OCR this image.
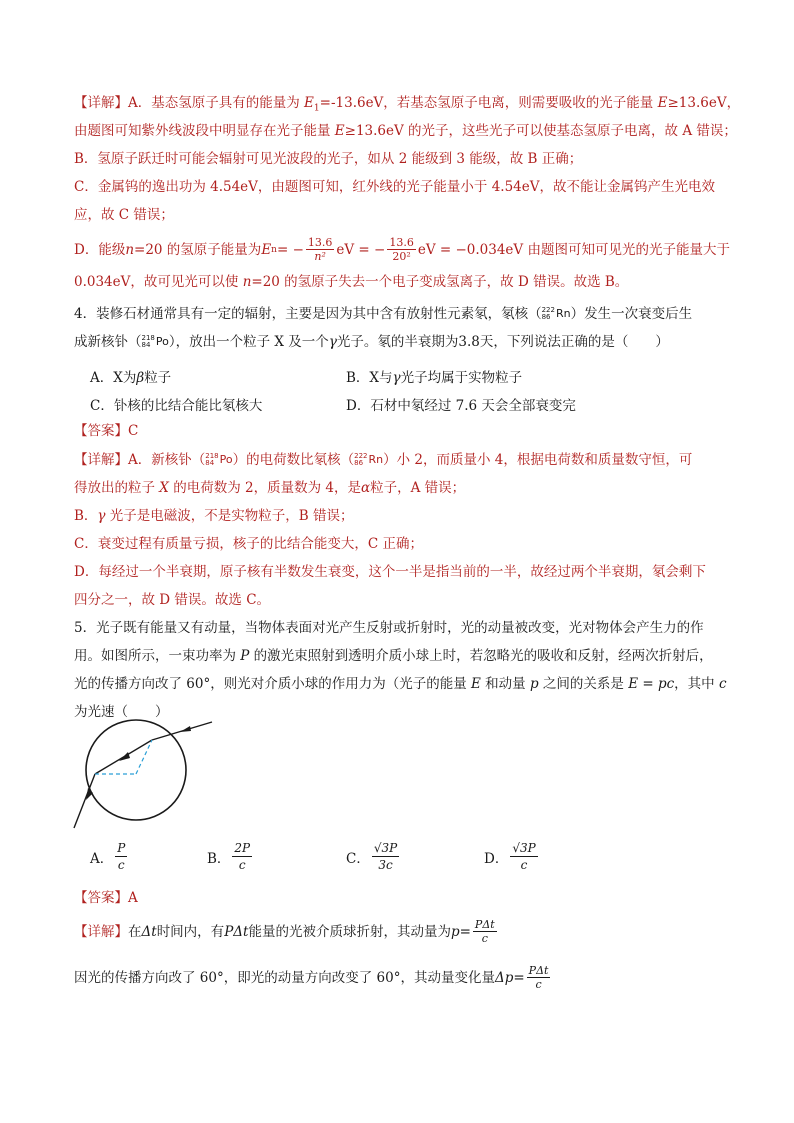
【详解】A．基态氢原子具有的能量为 $E_1=-13.6eV$，若基态氢原子电离，则需要吸收的光子能量 E≥13.6eV，
由题图可知紫外线波段中明显存在光子能量 E≥13.6eV 的光子，这些光子可以使基态氢原子电离，故 A 错误；
B．氢原子跃迁时可能会辐射可见光波段的光子，如从 2 能级到 3 能级，故 B 正确；
C．金属钨的逸出功为 4.54eV，由题图可知，红外线的光子能量小于 4.54eV，故不能让金属钨产生光电效
应，故 C 错误；
D．能级 n =20 的氢原子能量为 E n = − $\frac{13.6}{\text{n²}}$ eV = − $\frac{13.6}{\text{20²}}$ eV = −0.034eV 由题图可知可见光的光子能量大于
0.034eV，故可见光可以使 n=20 的氢原子失去一个电子变成氢离子，故 D 错误。故选 B。
4．装修石材通常具有一定的辐射，主要是因为其中含有放射性元素氡，氡核（ 222
86 Rn ）发生一次衰变后生
成新核钋（ 218
84 Po ），放出一个粒子 X 及一个 γ 光子。氡的半衰期为3.8天，下列说法正确的是（　　）
A．X为β粒子	B．X与γ光子均属于实物粒子
C．钋核的比结合能比氡核大	D．石材中氡经过 7.6 天会全部衰变完
【答案】C
【详解】 A．新核钋（ 218
84 Po ）的电荷数比氡核（ 222
86 Rn ）小 2，而质量小 4，根据电荷数和质量数守恒，可
得放出的粒子 X 的电荷数为 2，质量数为 4，是α粒子，A 错误；
B．γ 光子是电磁波，不是实物粒子，B 错误；
C．衰变过程有质量亏损，核子的比结合能变大，C 正确；
D．每经过一个半衰期，原子核有半数发生衰变，这个一半是指当前的一半，故经过两个半衰期，氡会剩下
四分之一，故 D 错误。故选 C。
5．光子既有能量又有动量，当物体表面对光产生反射或折射时，光的动量被改变，光对物体会产生力的作
用。如图所示，一束功率为 P 的激光束照射到透明介质小球上时，若忽略光的吸收和反射，经两次折射后，
光的传播方向改了 60°，则光对介质小球的作用力为（光子的能量 E 和动量 p 之间的关系是 E = pc，其中 c
为光速（　　）
A． $\frac{P}{c}$	B． $\frac{2P}{c}$	C． $\frac{√3P}{3c}$	D． $\frac{√3P}{c}$
【答案】A
【详解】 在 Δt 时间内，有 PΔt 能量的光被介质球折射，其动量为 $p = \frac{\text{PΔt}}{c}$
因光的传播方向改了 60°，即光的动量方向改变了 60°，其动量变化量 $\Delta p = \frac{\text{PΔt}}{c}$
